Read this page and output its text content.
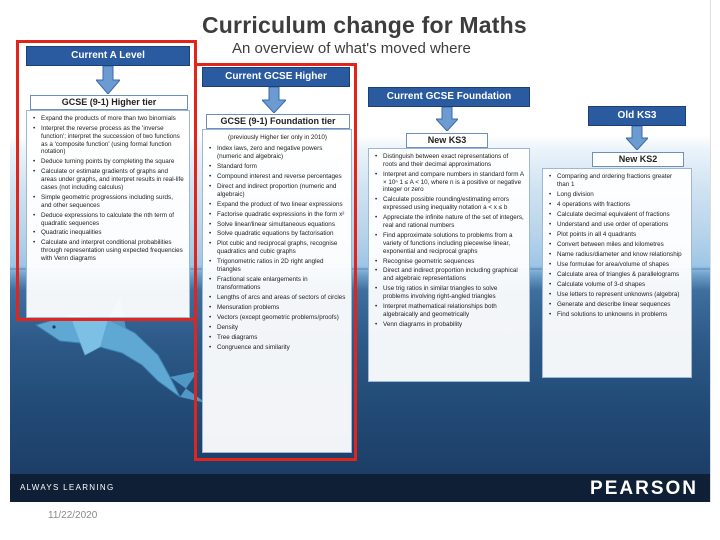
Curriculum change for Maths
An overview of what's moved where
Current A Level
GCSE (9-1) Higher tier
• Expand the products of more than two binomials
• Interpret the reverse process as the 'inverse function'; interpret the succession of two functions as a 'composite function' (using formal function notation)
• Deduce turning points by completing the square
• Calculate or estimate gradients of graphs and areas under graphs, and interpret results in real-life cases (not including calculus)
• Simple geometric progressions including surds, and other sequences
• Deduce expressions to calculate the nth term of quadratic sequences
• Quadratic inequalities
• Calculate and interpret conditional probabilities through representation using expected frequencies with Venn diagrams
Current GCSE Higher
GCSE (9-1) Foundation tier
(previously Higher tier only in 2010)
• Index laws, zero and negative powers (numeric and algebraic)
• Standard form
• Compound interest and reverse percentages
• Direct and indirect proportion (numeric and algebraic)
• Expand the product of two linear expressions
• Factorise quadratic expressions in the form x²
• Solve linear/linear simultaneous equations
• Solve quadratic equations by factorisation
• Plot cubic and reciprocal graphs, recognise quadratics and cubic graphs
• Trigonometric ratios in 2D right angled triangles
• Fractional scale enlargements in transformations
• Lengths of arcs and areas of sectors of circles
• Mensuration problems
• Vectors (except geometric problems/proofs)
• Density
• Tree diagrams
• Congruence and similarity
Current GCSE Foundation
New KS3
• Distinguish between exact representations of roots and their decimal approximations
• Interpret and compare numbers in standard form A × 10ⁿ 1 ≤ A < 10, where n is a positive or negative integer or zero
• Calculate possible rounding/estimating errors expressed using inequality notation a < x ≤ b
• Appreciate the infinite nature of the set of integers, real and rational numbers
• Find approximate solutions to problems from a variety of functions including piecewise linear, exponential and reciprocal graphs
• Recognise geometric sequences
• Direct and indirect proportion including graphical and algebraic representations
• Use trig ratios in similar triangles to solve problems involving right-angled triangles
• Interpret mathematical relationships both algebraically and geometrically
• Venn diagrams in probability
Old KS3
New KS2
• Comparing and ordering fractions greater than 1
• Long division
• 4 operations with fractions
• Calculate decimal equivalent of fractions
• Understand and use order of operations
• Plot points in all 4 quadrants
• Convert between miles and kilometres
• Name radius/diameter and know relationship
• Use formulae for area/volume of shapes
• Calculate area of triangles & parallelograms
• Calculate volume of 3-d shapes
• Use letters to represent unknowns (algebra)
• Generate and describe linear sequences
• Find solutions to unknowns in problems
ALWAYS LEARNING	PEARSON
11/22/2020
